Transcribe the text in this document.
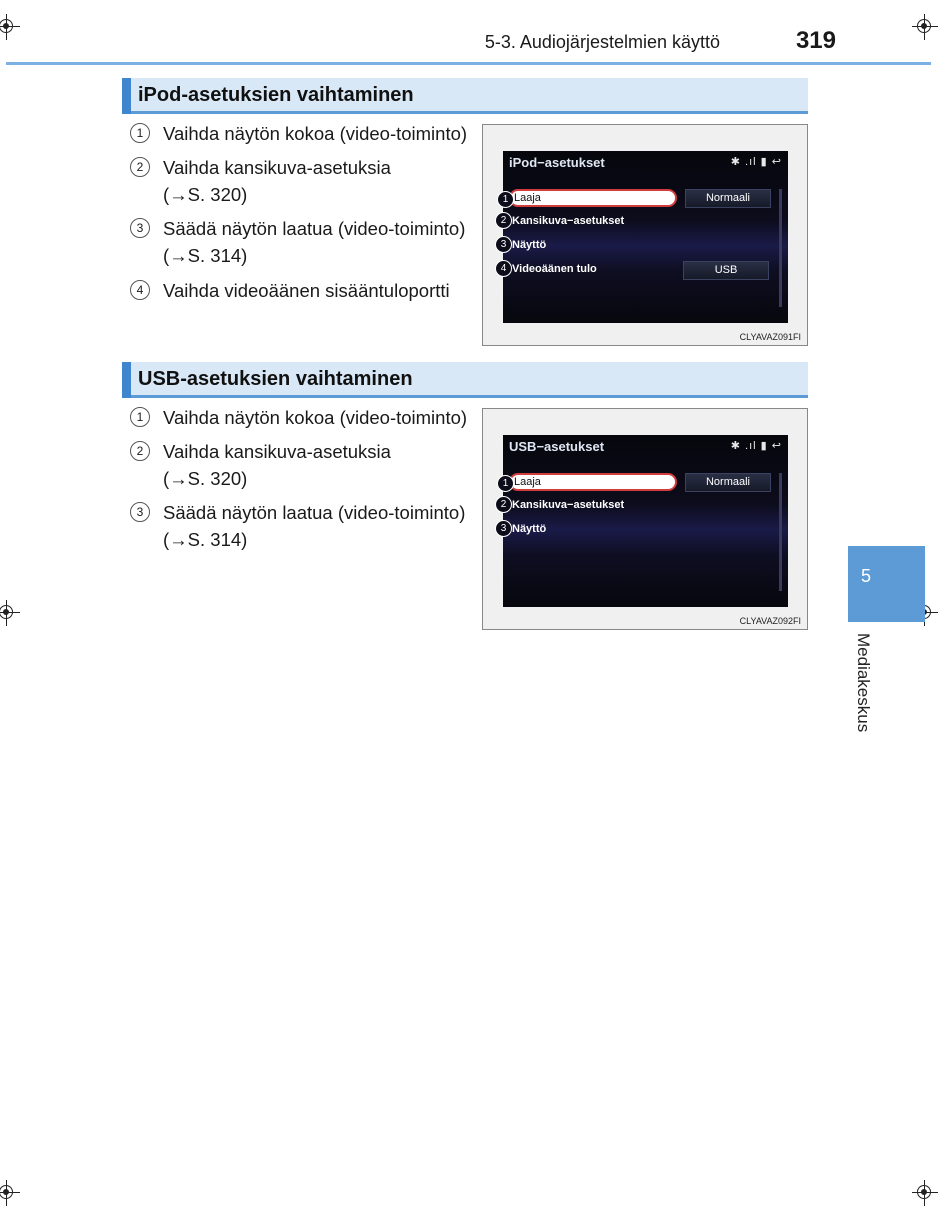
5-3. Audiojärjestelmien käyttö	319
iPod-asetuksien vaihtaminen
1	Vaihda näytön kokoa (video-toiminto)
2	Vaihda kansikuva-asetuksia
(→S. 320)
3	Säädä näytön laatua (video-toiminto)
(→S. 314)
4	Vaihda videoäänen sisääntuloportti
iPod−asetukset	✱ .ıl ▮ ↩
1 Laaja	Normaali
2 Kansikuva−asetukset
3 Näyttö
4 Videoäänen tulo	USB
CLYAVAZ091FI
USB-asetuksien vaihtaminen
1	Vaihda näytön kokoa (video-toiminto)
2	Vaihda kansikuva-asetuksia
(→S. 320)
3	Säädä näytön laatua (video-toiminto)
(→S. 314)
USB−asetukset	✱ .ıl ▮ ↩
1 Laaja	Normaali
2 Kansikuva−asetukset
3 Näyttö
CLYAVAZ092FI
5
Mediakeskus
